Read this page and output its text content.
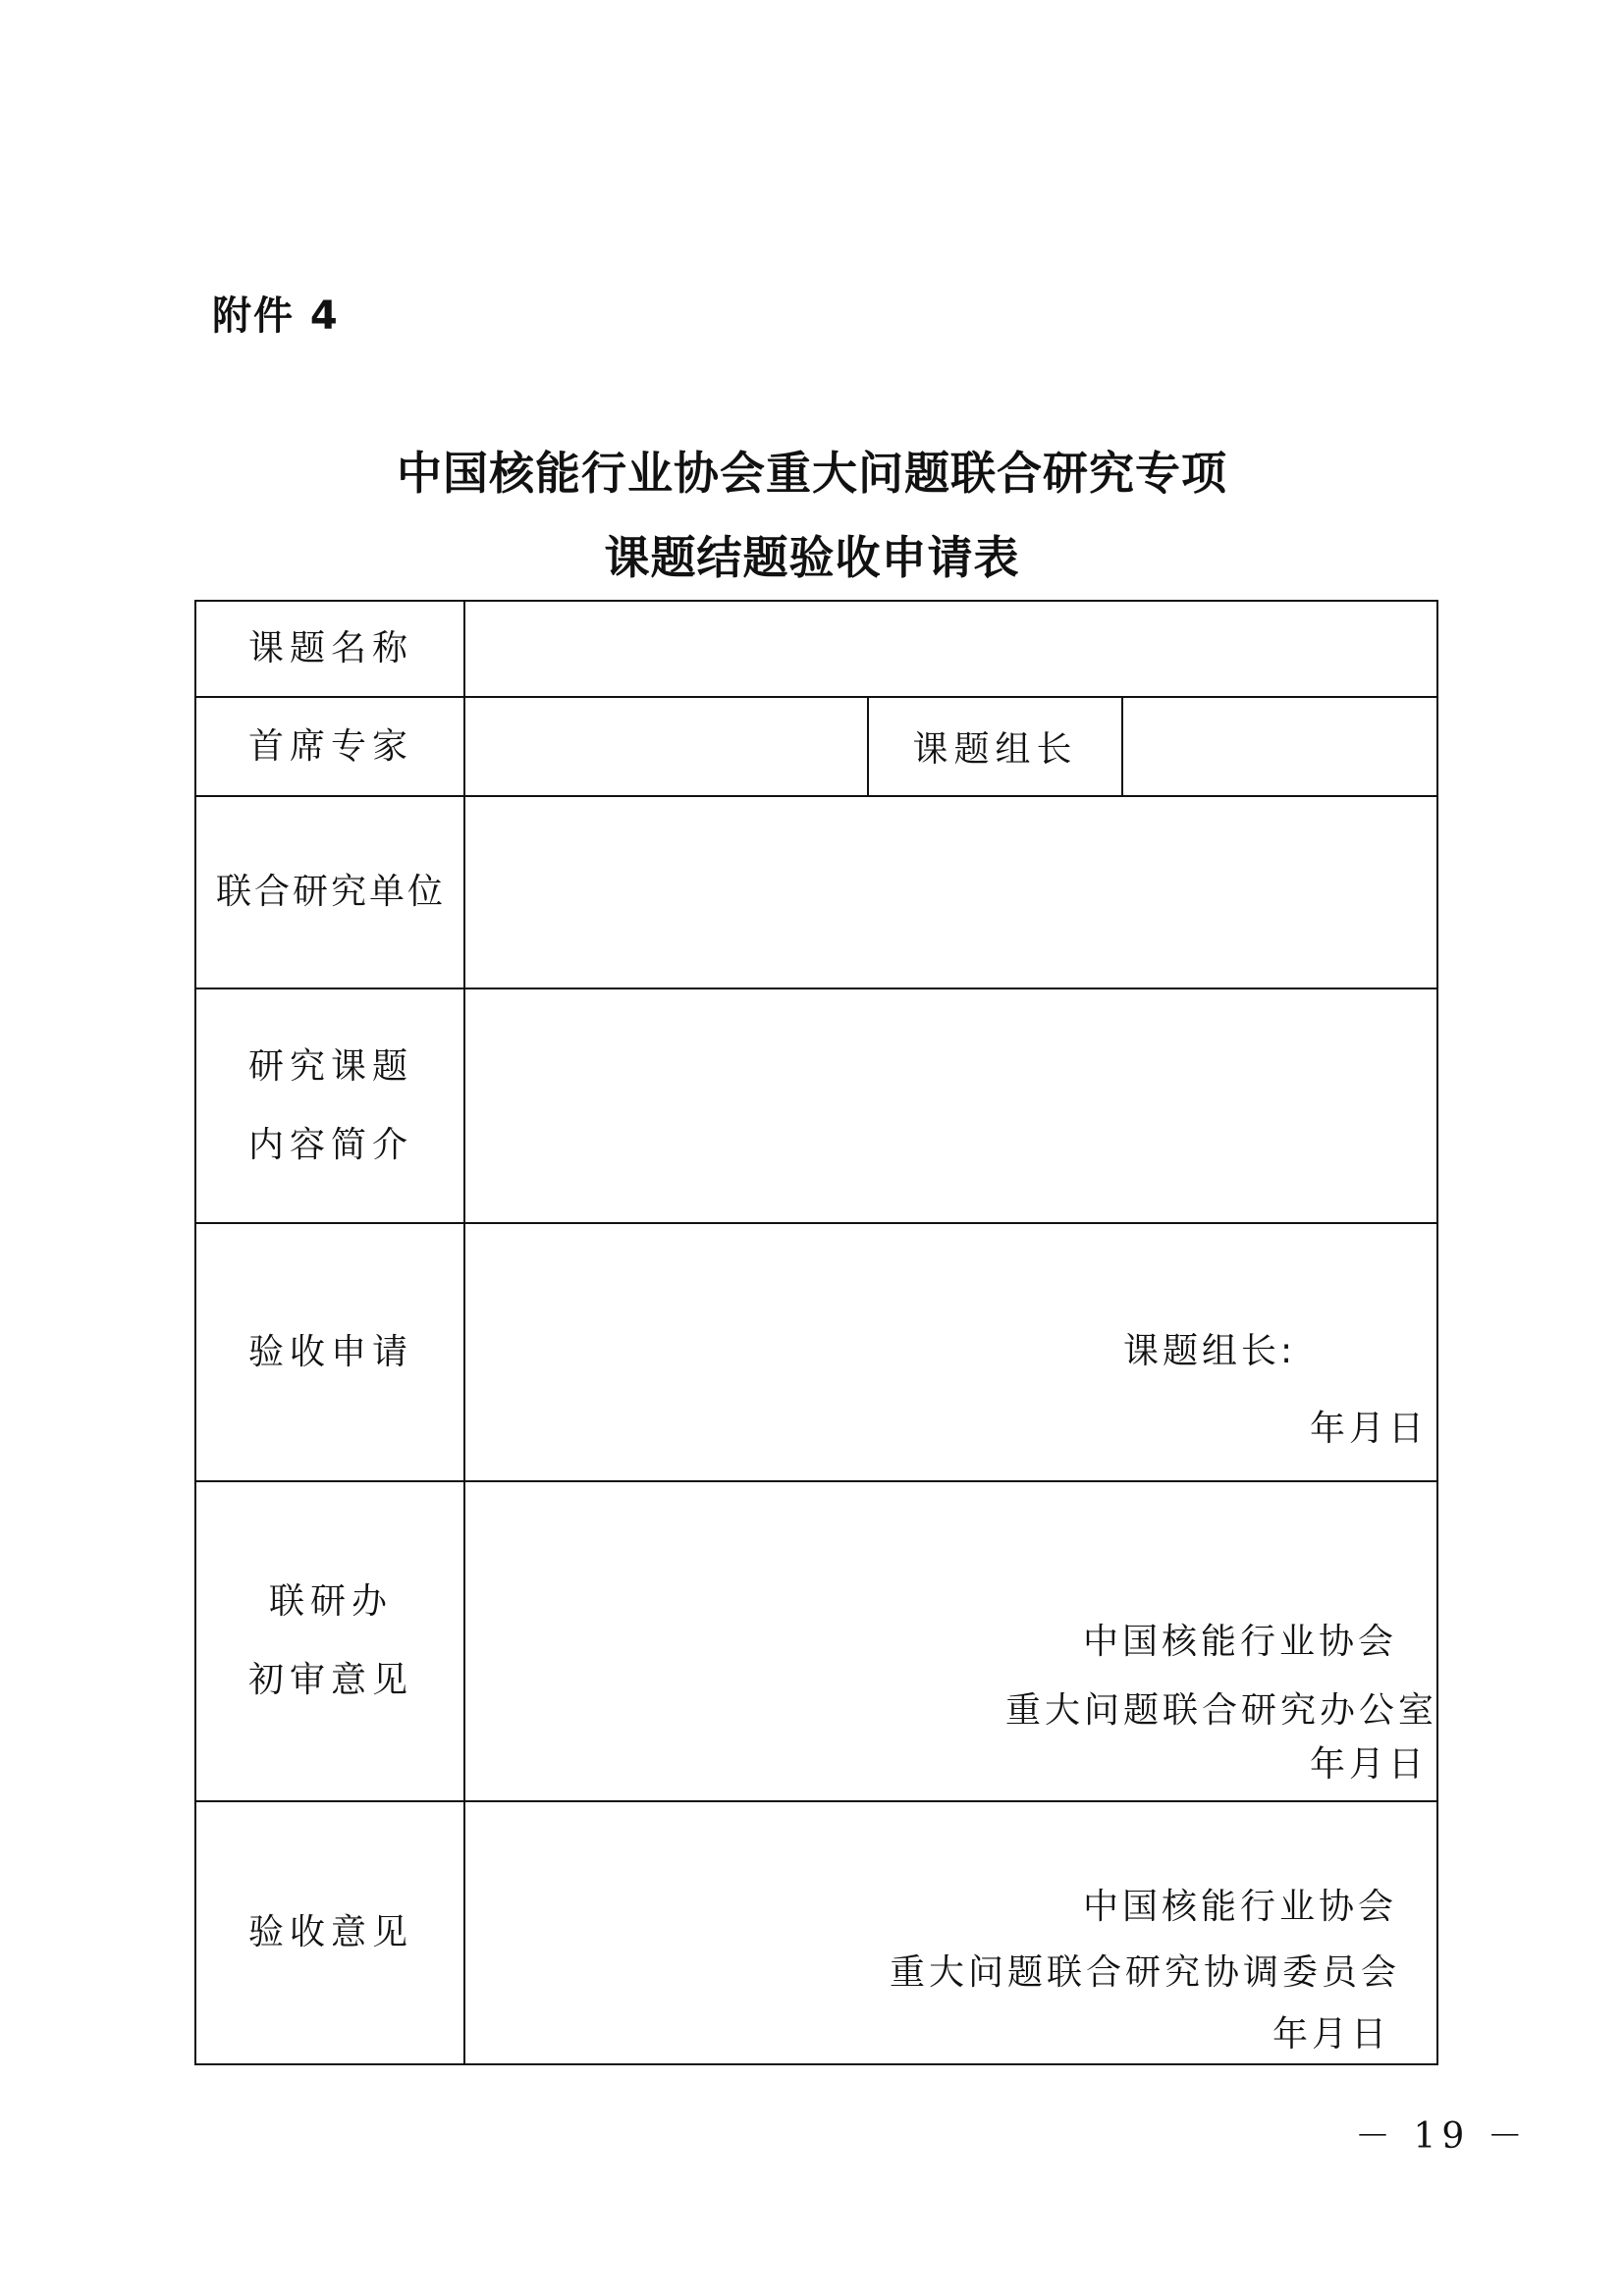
附件 4
中国核能行业协会重大问题联合研究专项
课题结题验收申请表
课题名称
首席专家	课题组长
联合研究单位
研究课题
内容简介
验收申请	课题组长:
年月日
联研办
初审意见
中国核能行业协会
重大问题联合研究办公室
年月日
验收意见
中国核能行业协会
重大问题联合研究协调委员会
年月日
－ 19 －
